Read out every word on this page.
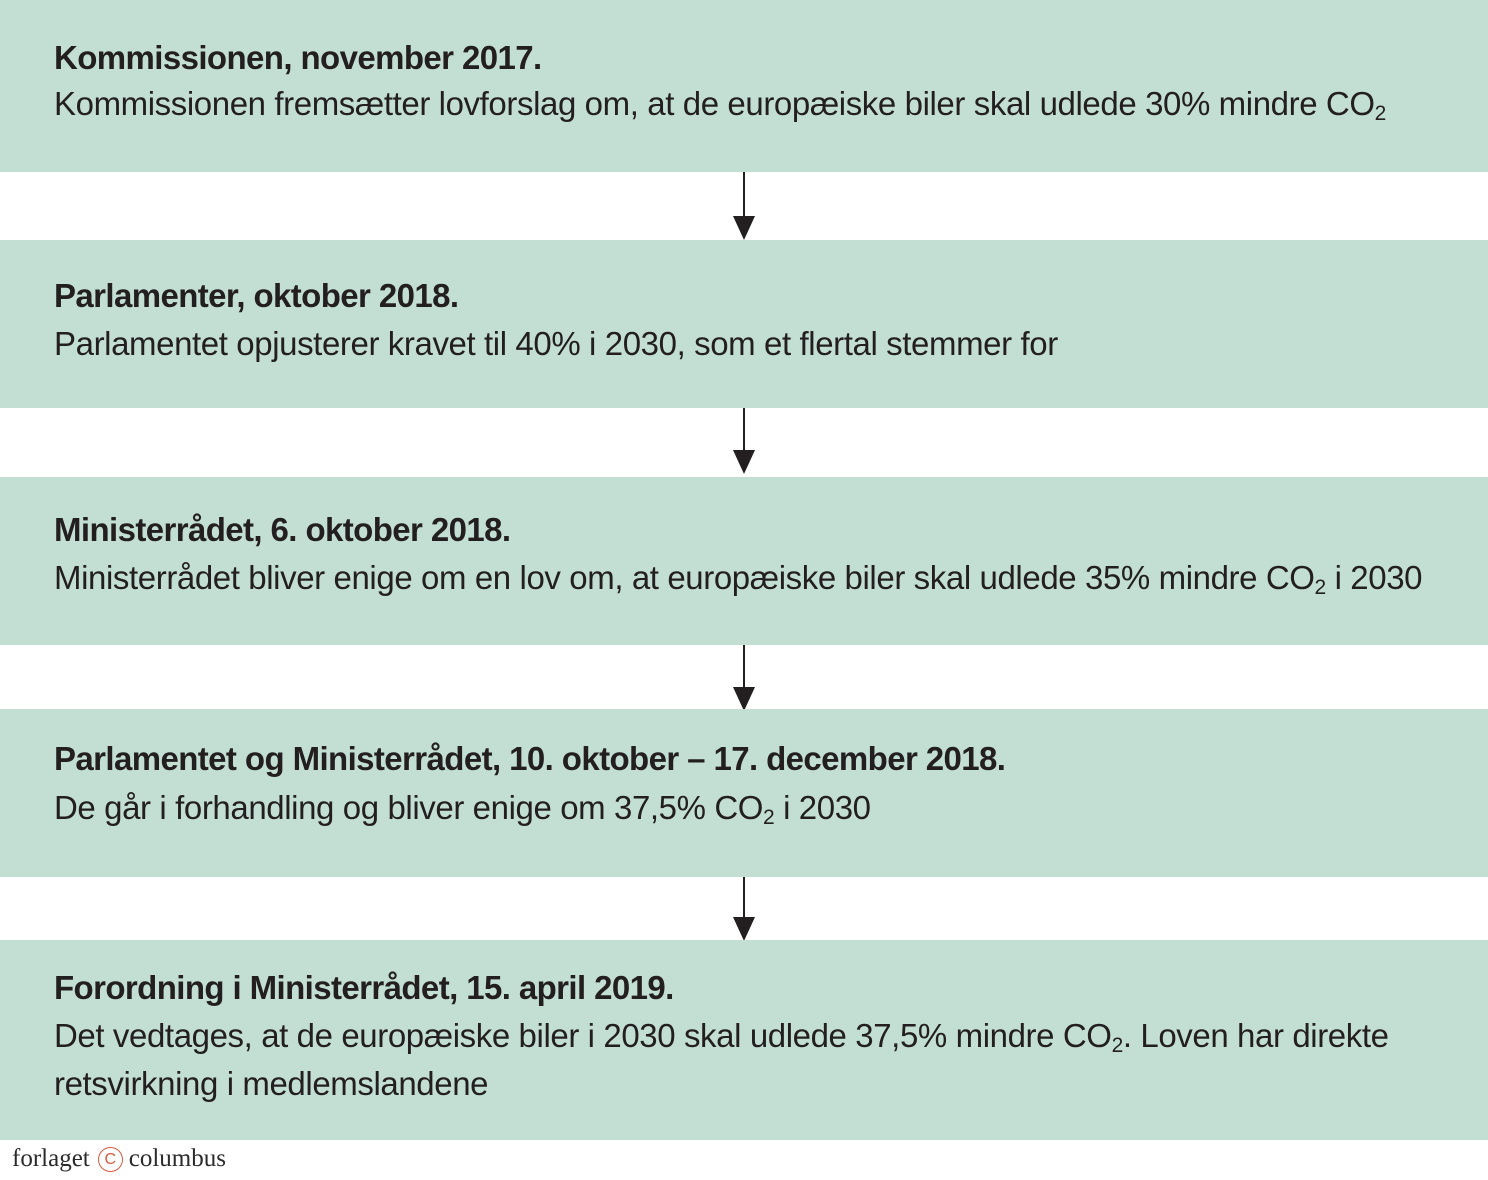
Kommissionen, november 2017.
Kommissionen fremsætter lovforslag om, at de europæiske biler skal udlede 30% mindre $CO_2$
Parlamenter, oktober 2018.
Parlamentet opjusterer kravet til 40% i 2030, som et flertal stemmer for
Ministerrådet, 6. oktober 2018.
Ministerrådet bliver enige om en lov om, at europæiske biler skal udlede 35% mindre $CO_2$ i 2030
Parlamentet og Ministerrådet, 10. oktober – 17. december 2018.
De går i forhandling og bliver enige om 37,5% $CO_2$ i 2030
Forordning i Ministerrådet, 15. april 2019.
Det vedtages, at de europæiske biler i 2030 skal udlede 37,5% mindre $CO_2$. Loven har direkte retsvirkning i medlemslandene
forlaget C columbus
